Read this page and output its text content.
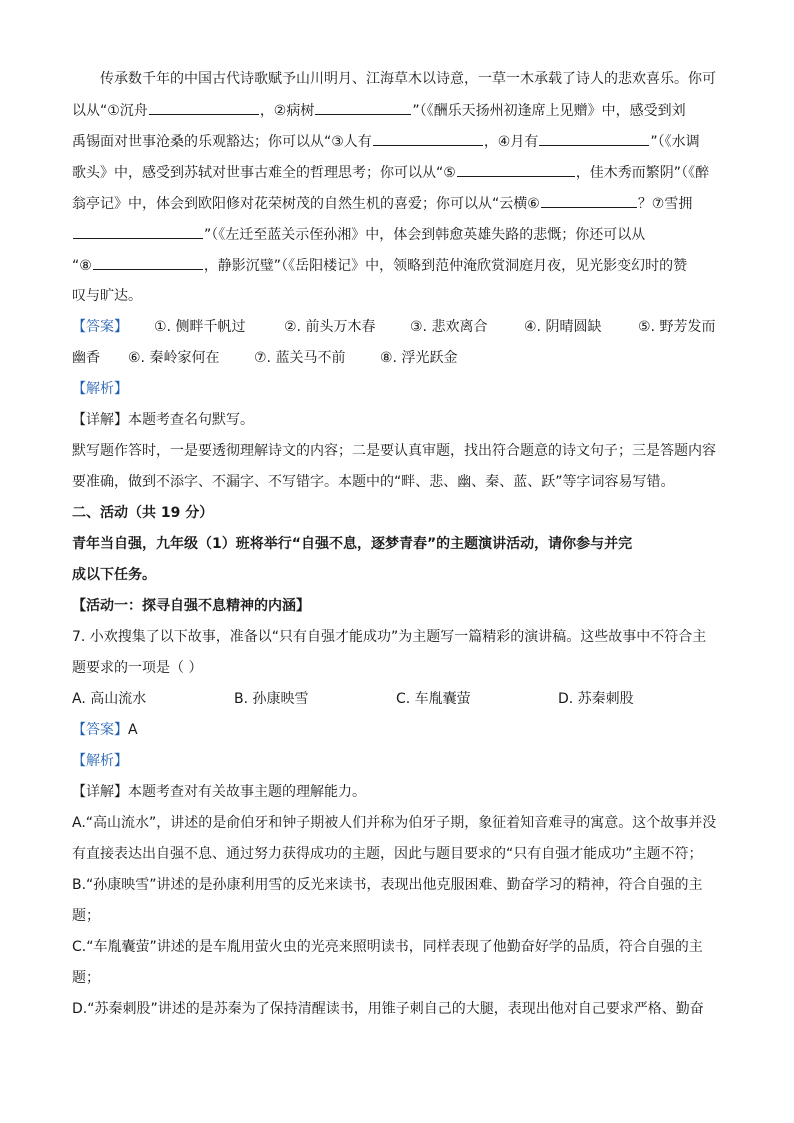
传承数千年的中国古代诗歌赋予山川明月、江海草木以诗意，一草一木承载了诗人的悲欢喜乐。你可
以从“①沉舟	，②病树	”（《酬乐天扬州初逢席上见赠》中，感受到刘
禹锡面对世事沧桑的乐观豁达；你可以从“③人有	，④月有	”（《水调
歌头》中，感受到苏轼对世事古难全的哲理思考；你可以从“⑤	，佳木秀而繁阴”（《醉
翁亭记》中，体会到欧阳修对花荣树茂的自然生机的喜爱；你可以从“云横⑥	？⑦雪拥
”（《左迁至蓝关示侄孙湘》中，体会到韩愈英雄失路的悲慨；你还可以从
“⑧	，静影沉璧”（《岳阳楼记》中，领略到范仲淹欣赏洞庭月夜，见光影变幻时的赞
叹与旷达。
【答案】 ①. 侧畔千帆过	②. 前头万木春 ③. 悲欢离合	④. 阴晴圆缺	⑤. 野芳发而
幽香 ⑥. 秦岭家何在 ⑦. 蓝关马不前 ⑧. 浮光跃金
【解析】
【详解】本题考查名句默写。
默写题作答时，一是要透彻理解诗文的内容；二是要认真审题，找出符合题意的诗文句子；三是答题内容
要准确，做到不添字、不漏字、不写错字。本题中的“畔、悲、幽、秦、蓝、跃”等字词容易写错。
二、活动（共 19 分）
青年当自强，九年级（1）班将举行“自强不息，逐梦青春”的主题演讲活动，请你参与并完
成以下任务。
【活动一：探寻自强不息精神的内涵】
7. 小欢搜集了以下故事，准备以“只有自强才能成功”为主题写一篇精彩的演讲稿。这些故事中不符合主
题要求的一项是（ ）
A. 高山流水	B. 孙康映雪	C. 车胤囊萤	D. 苏秦刺股
【答案】A
【解析】
【详解】本题考查对有关故事主题的理解能力。
A.“高山流水”，讲述的是俞伯牙和钟子期被人们并称为伯牙子期，象征着知音难寻的寓意。这个故事并没
有直接表达出自强不息、通过努力获得成功的主题，因此与题目要求的“只有自强才能成功”主题不符；
B.“孙康映雪”讲述的是孙康利用雪的反光来读书，表现出他克服困难、勤奋学习的精神，符合自强的主
题；
C.“车胤囊萤”讲述的是车胤用萤火虫的光亮来照明读书，同样表现了他勤奋好学的品质，符合自强的主
题；
D.“苏秦刺股”讲述的是苏秦为了保持清醒读书，用锥子刺自己的大腿，表现出他对自己要求严格、勤奋
